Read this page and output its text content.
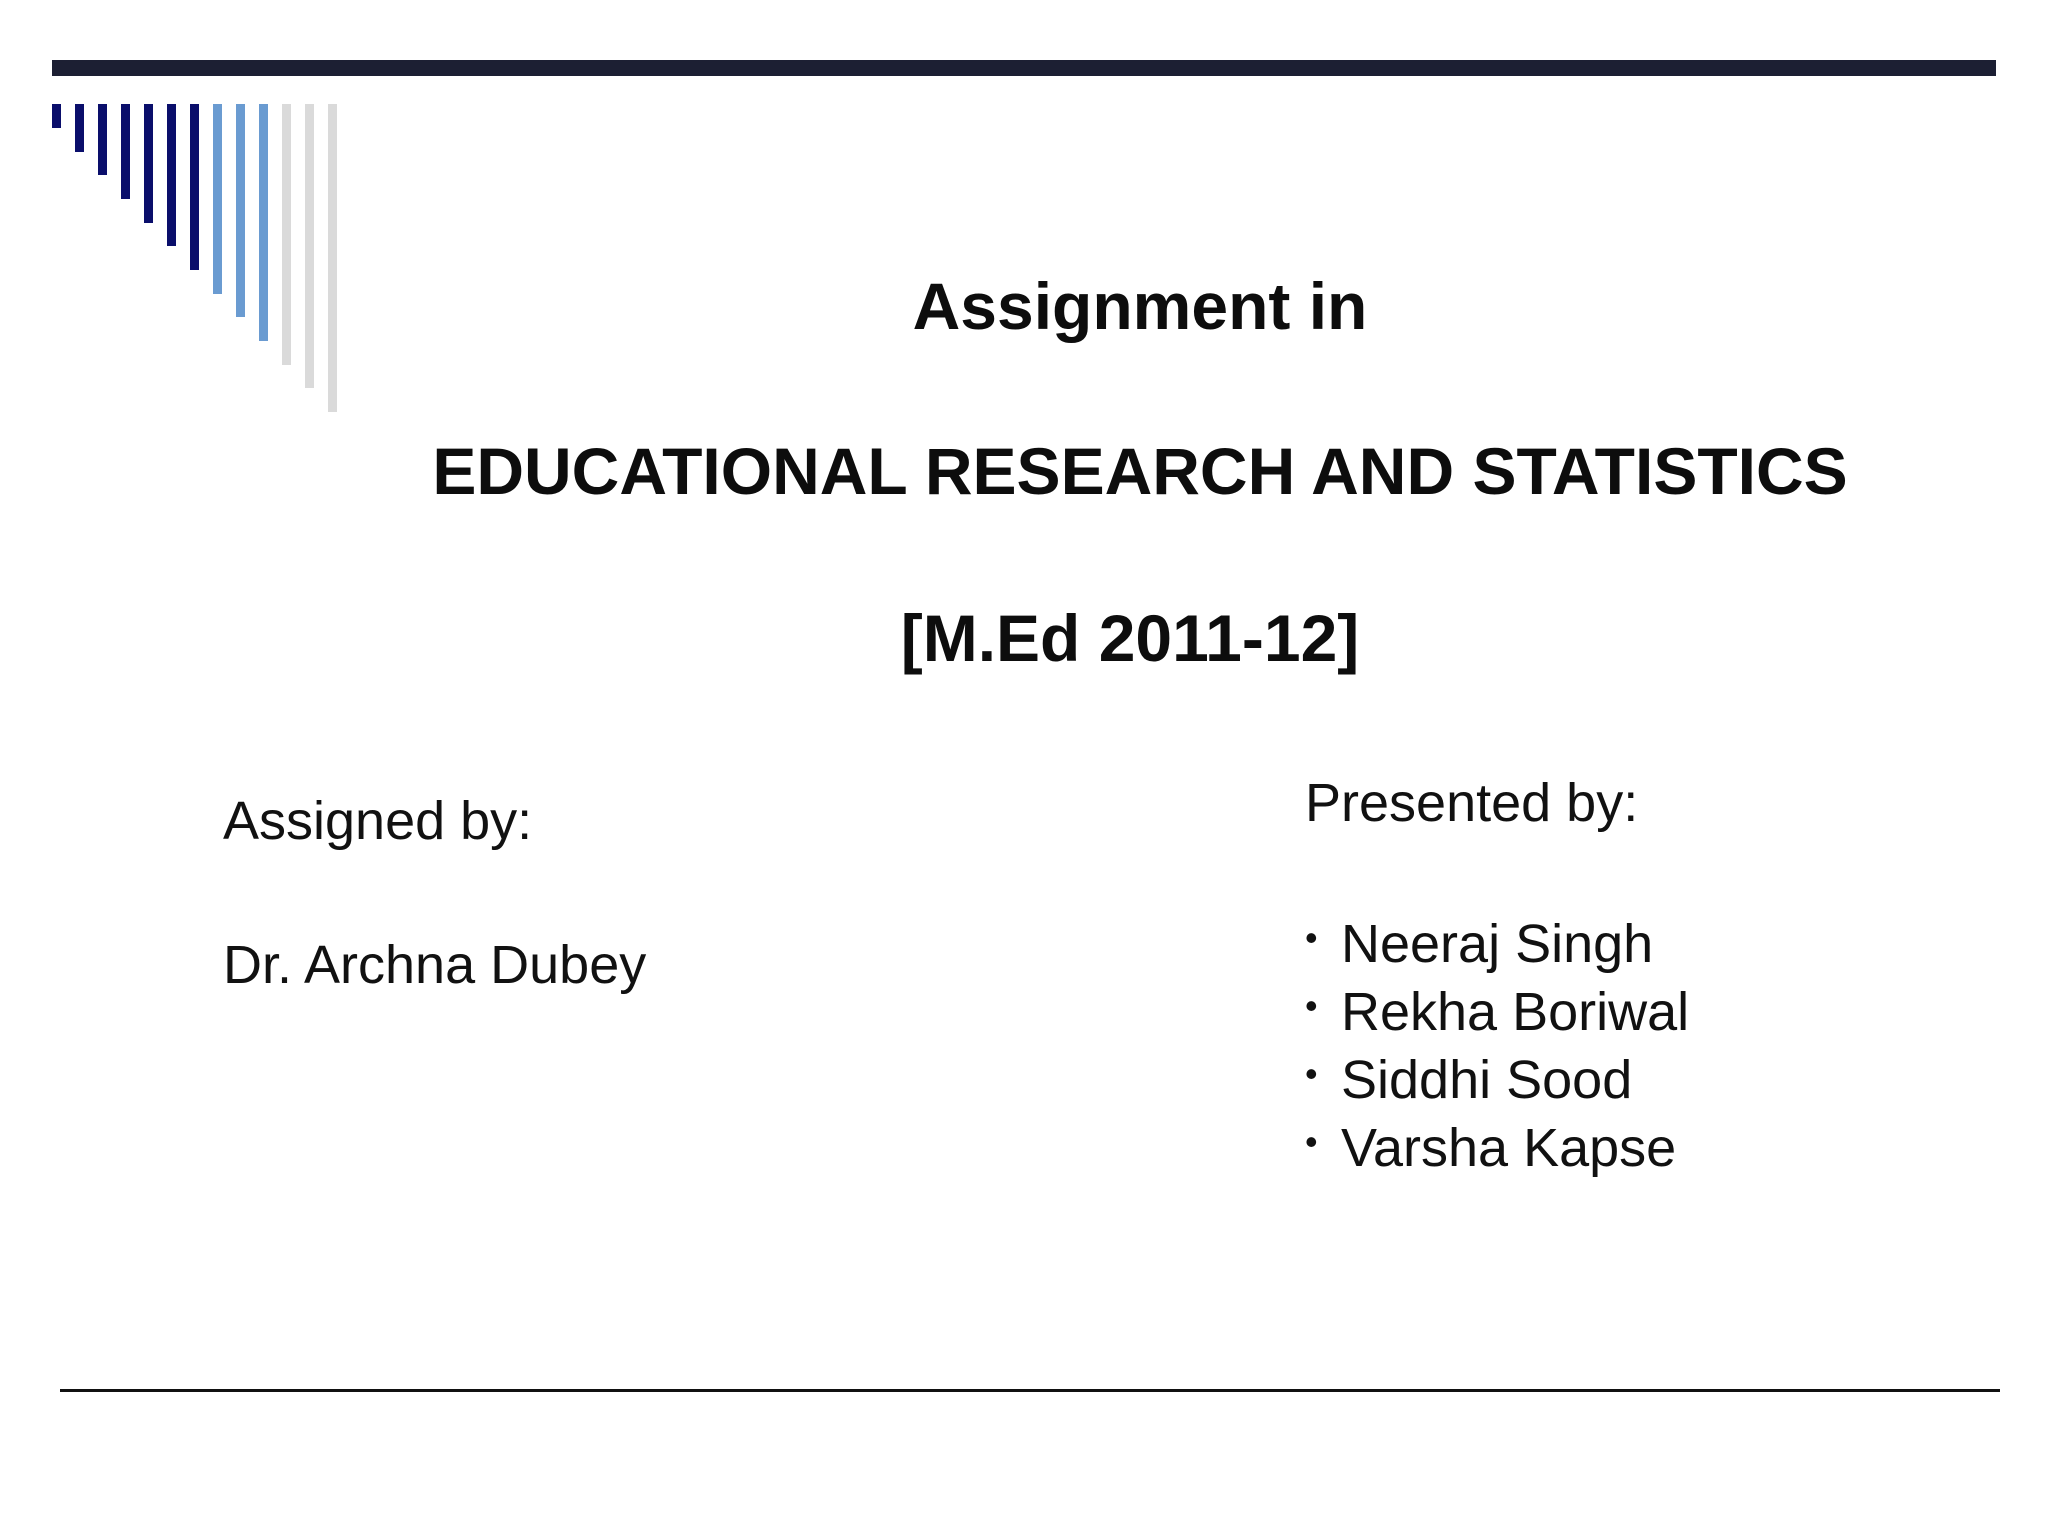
Assignment in
EDUCATIONAL RESEARCH AND STATISTICS
[M.Ed 2011-12]
Assigned by:
Dr. Archna Dubey
Presented by:
• Neeraj Singh
• Rekha Boriwal
• Siddhi Sood
• Varsha Kapse
